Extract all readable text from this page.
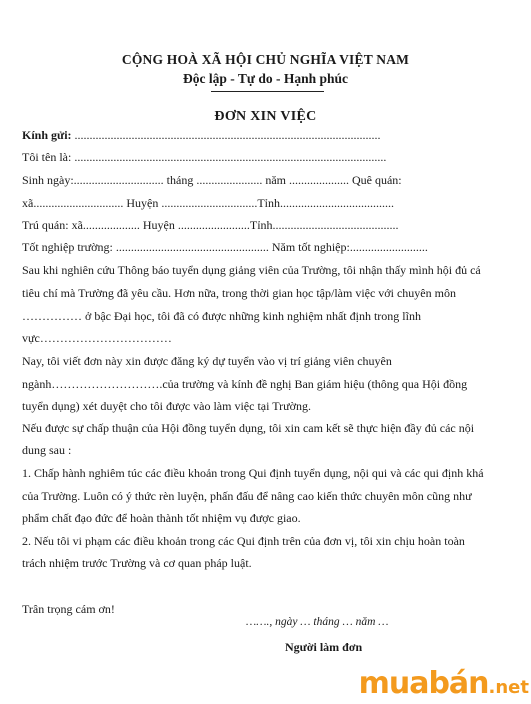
CỘNG HOÀ XÃ HỘI CHỦ NGHĨA VIỆT NAM
Độc lập - Tự do - Hạnh phúc
ĐƠN XIN VIỆC
Kính gửi: ......................................................................................................
Tôi tên là: ........................................................................................................
Sinh ngày:.............................. tháng ...................... năm .................... Quê quán:
xã.............................. Huyện ................................Tỉnh......................................
Trú quán: xã................... Huyện ........................Tỉnh..........................................
Tốt nghiệp trường: ................................................... Năm tốt nghiệp:..........................
Sau khi nghiên cứu Thông báo tuyển dụng giảng viên của Trường, tôi nhận thấy mình hội đủ cá
tiêu chí mà Trường đã yêu cầu. Hơn nữa, trong thời gian học tập/làm việc với chuyên môn
…………… ở bậc Đại học, tôi đã có được những kinh nghiệm nhất định trong lĩnh
vực……………………………
Nay, tôi viết đơn này xin được đăng ký dự tuyển vào vị trí giảng viên chuyên
ngành……………………….của trường và kính đề nghị Ban giám hiệu (thông qua Hội đồng
tuyển dụng) xét duyệt cho tôi được vào làm việc tại Trường.
Nếu được sự chấp thuận của Hội đồng tuyển dụng, tôi xin cam kết sẽ thực hiện đầy đủ các nội
dung sau :
1. Chấp hành nghiêm túc các điều khoản trong Qui định tuyển dụng, nội qui và các qui định khá
của Trường. Luôn có ý thức rèn luyện, phấn đấu để nâng cao kiến thức chuyên môn cũng như
phẩm chất đạo đức để hoàn thành tốt nhiệm vụ được giao.
2. Nếu tôi vi phạm các điều khoản trong các Qui định trên của đơn vị, tôi xin chịu hoàn toàn
trách nhiệm trước Trường và cơ quan pháp luật.
Trân trọng cám ơn!
……., ngày … tháng … năm …
Người làm đơn
muabán.net
